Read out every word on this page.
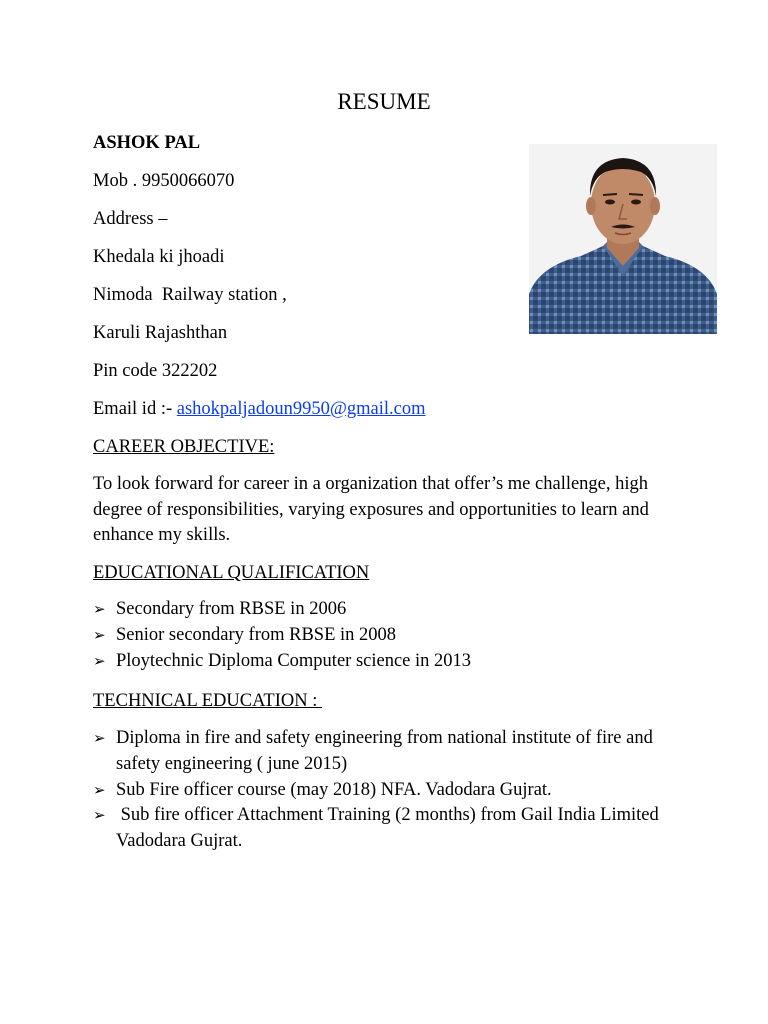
RESUME
ASHOK PAL
Mob . 9950066070
Address –
Khedala ki jhoadi
Nimoda  Railway station ,
Karuli Rajashthan
Pin code 322202
Email id :- ashokpaljadoun9950@gmail.com
CAREER OBJECTIVE:
To look forward for career in a organization that offer’s me challenge, high degree of responsibilities, varying exposures and opportunities to learn and enhance my skills.
EDUCATIONAL QUALIFICATION
➢ Secondary from RBSE in 2006
➢ Senior secondary from RBSE in 2008
➢ Ploytechnic Diploma Computer science in 2013
TECHNICAL EDUCATION :
➢ Diploma in fire and safety engineering from national institute of fire and safety engineering ( june 2015)
➢ Sub Fire officer course (may 2018) NFA. Vadodara Gujrat.
➢ Sub fire officer Attachment Training (2 months) from Gail India Limited Vadodara Gujrat.
